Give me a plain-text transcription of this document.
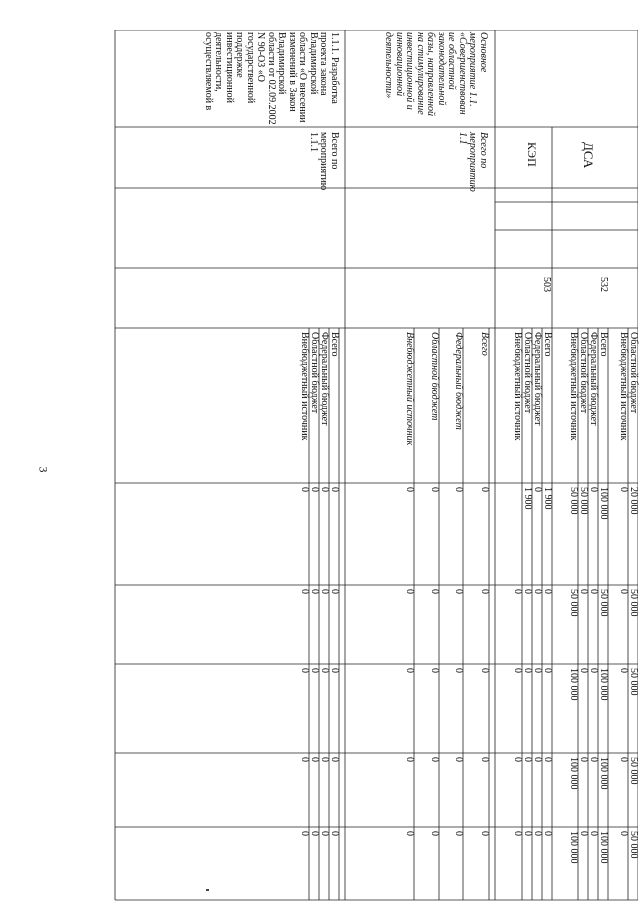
3
Основное мероприятие 1.1. «Совершенствован ие областной законодательной базы, направленной на стимулирование инвестиционной и инновационной деятельности»
Всего по мероприятию 1.1
1.1.1. Разработка проекта закона Владимирской области «О внесении изменений в Закон Владимирской области от 02.09.2002 N 90-ОЗ «О государственной поддержке инвестиционной деятельности, осуществляемой в
Всего по мероприятию 1.1.1	ДСА
532
КЭП
503
Областной бюджет
20 000
50 000
50 000
50 000
50 000
Внебюджетный источник
0
0
0
0
0
Всего
100 000
50 000
100 000
100 000
100 000
Федеральный бюджет
0
0
0
0
0
Областной бюджет
50 000
0
0
0
0
Внебюджетный источник
50 000
50 000
100 000
100 000
100 000
Всего
1 900
0
0
0
0
Федеральный бюджет
0
0
0
0
0
Областной бюджет
1 900
0
0
0
0
Внебюджетный источник
0
0
0
0
Всего
0
0
0
0
0
Федеральный бюджет
0
0
0
0
0
Областной бюджет
0
0
0
0
0
Внебюджетный источник
0
0
0
0
0
Всего
0
0
0
0
0
Федеральный бюджет
0
0
0
0
0
Областной бюджет
0
0
0
0
0
Внебюджетный источник
0
0
0
0
0
